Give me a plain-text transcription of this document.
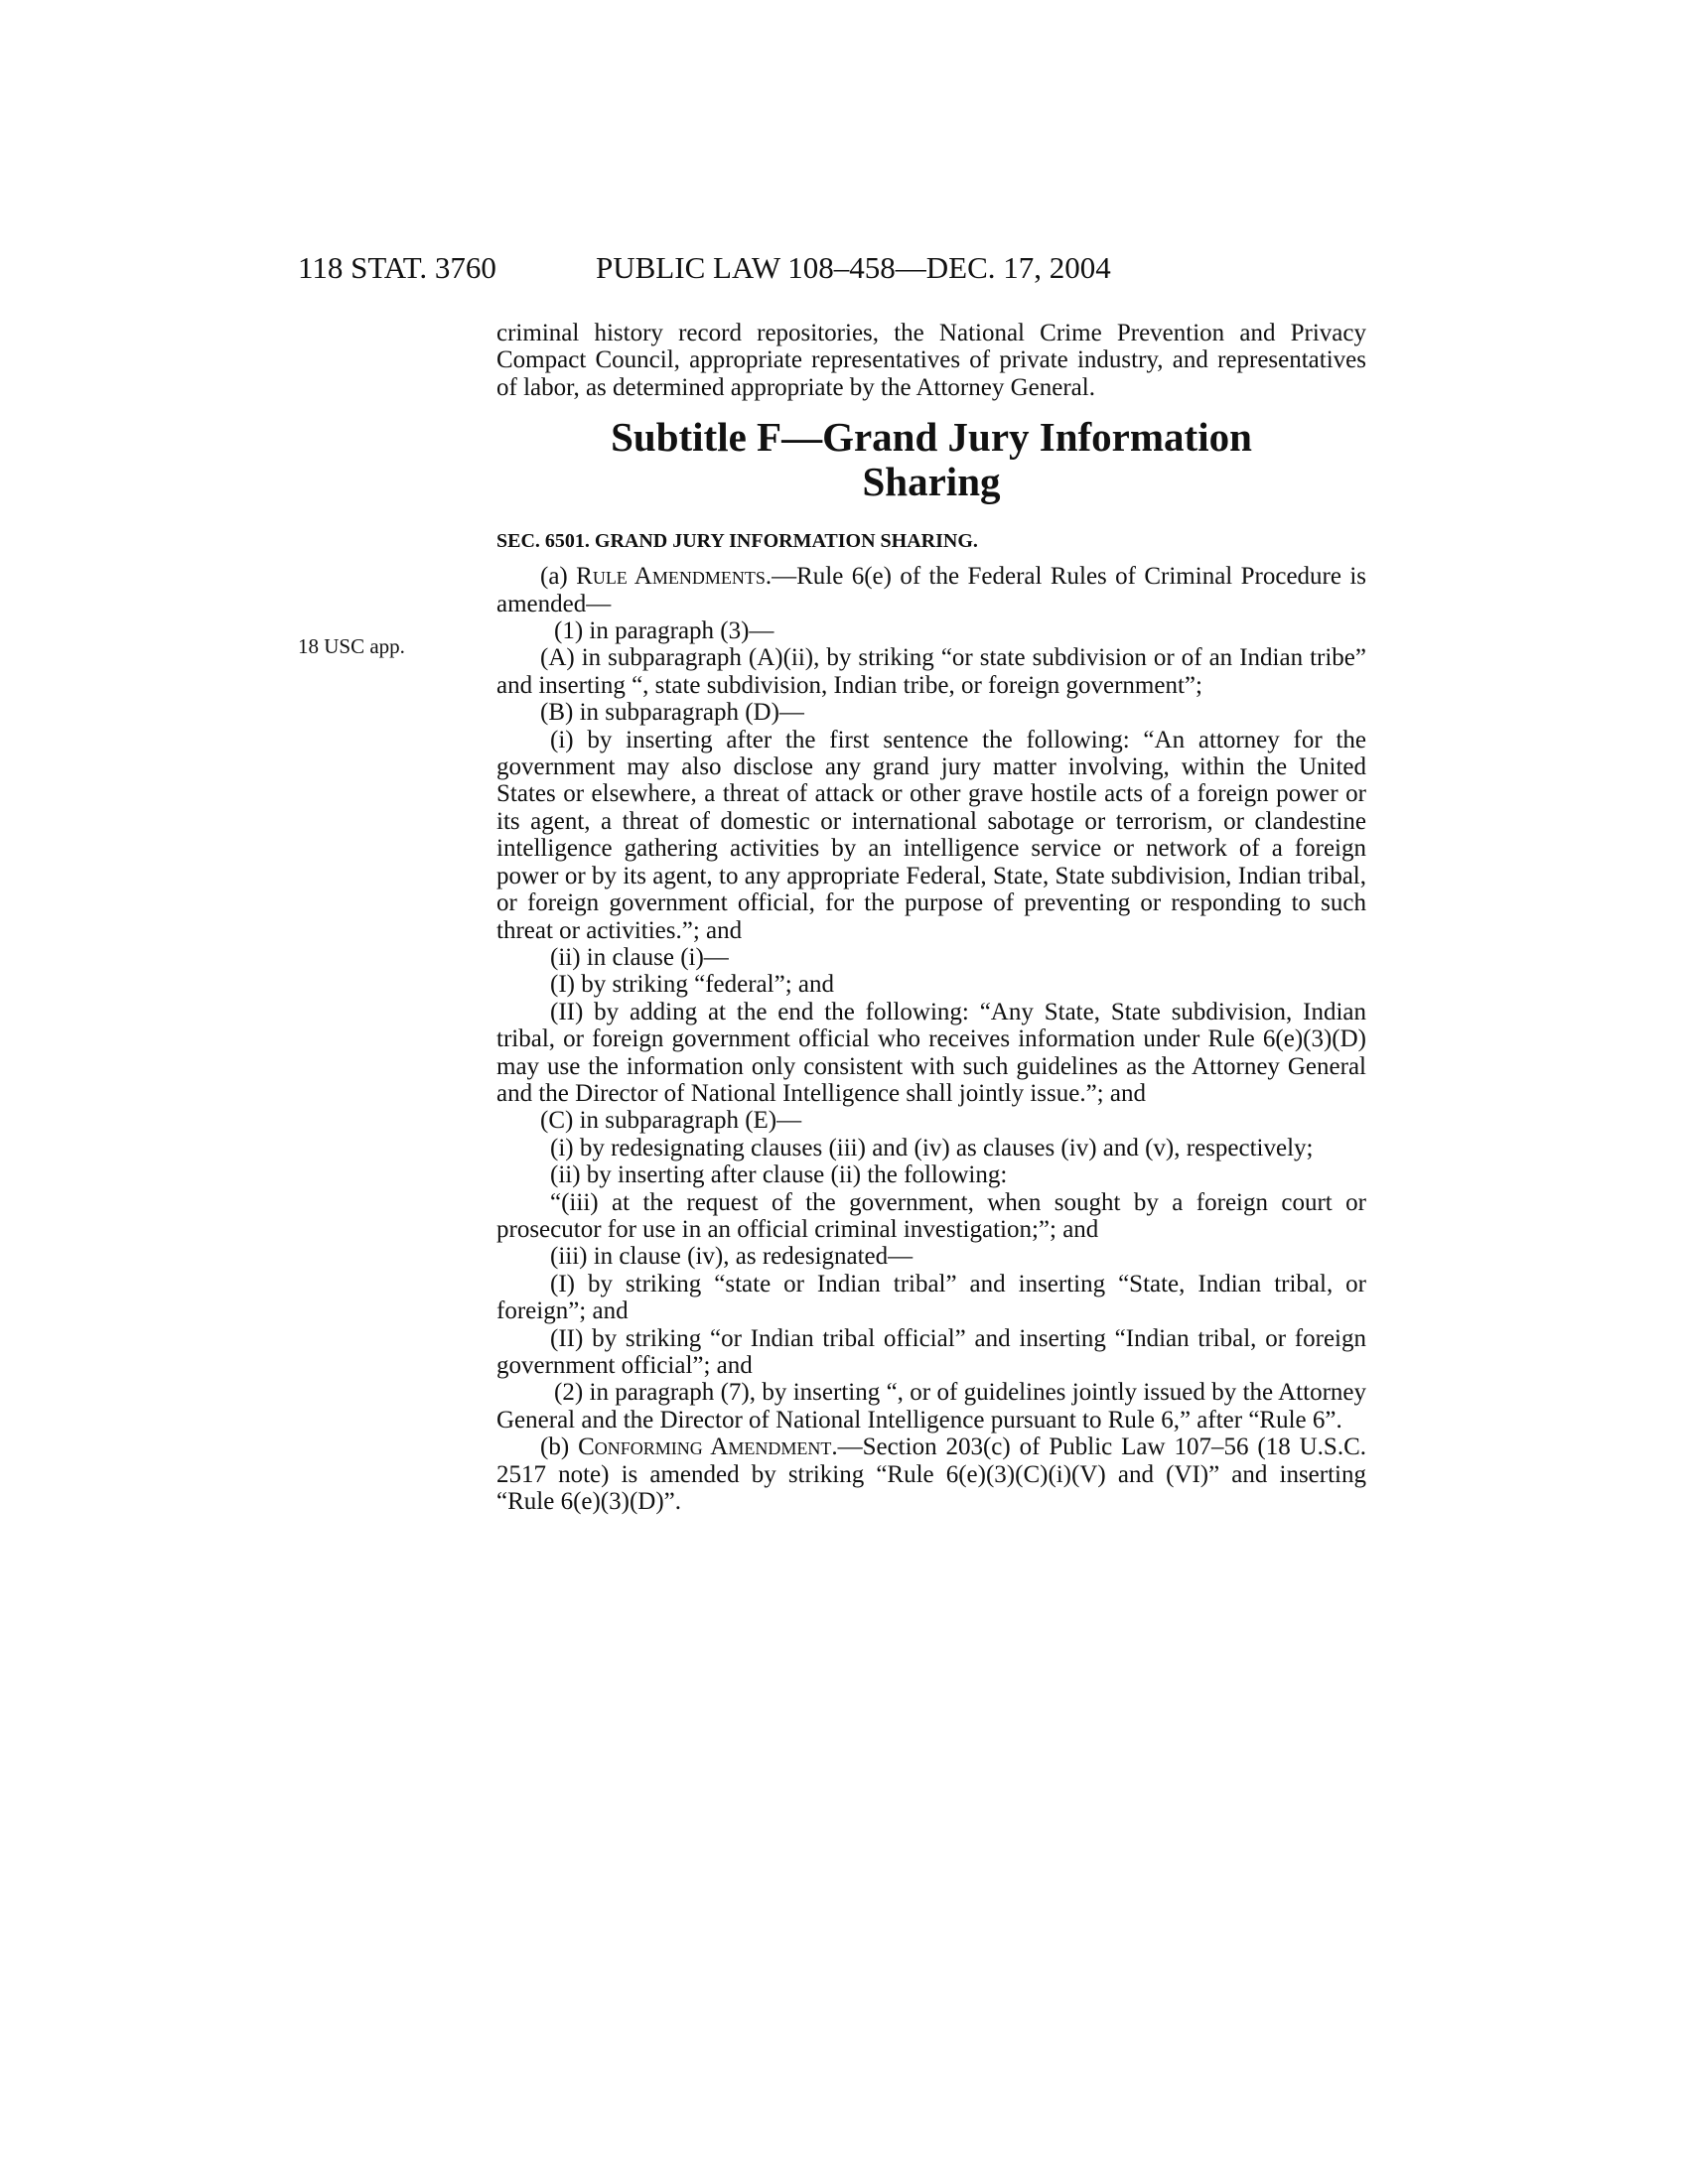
118 STAT. 3760	PUBLIC LAW 108–458—DEC. 17, 2004
18 USC app.

criminal history record repositories, the National Crime Prevention and Privacy Compact Council, appropriate representatives of private industry, and representatives of labor, as determined appropriate by the Attorney General.

Subtitle F—Grand Jury Information
Sharing
SEC. 6501. GRAND JURY INFORMATION SHARING.

(a) Rule Amendments.—Rule 6(e) of the Federal Rules of Criminal Procedure is amended—

(1) in paragraph (3)—

(A) in subparagraph (A)(ii), by striking “or state subdivision or of an Indian tribe” and inserting “, state subdivision, Indian tribe, or foreign government”;

(B) in subparagraph (D)—

(i) by inserting after the first sentence the following: “An attorney for the government may also disclose any grand jury matter involving, within the United States or elsewhere, a threat of attack or other grave hostile acts of a foreign power or its agent, a threat of domestic or international sabotage or terrorism, or clandestine intelligence gathering activities by an intelligence service or network of a foreign power or by its agent, to any appropriate Federal, State, State subdivision, Indian tribal, or foreign government official, for the purpose of preventing or responding to such threat or activities.”; and

(ii) in clause (i)—

(I) by striking “federal”; and

(II) by adding at the end the following: “Any State, State subdivision, Indian tribal, or foreign government official who receives information under Rule 6(e)(3)(D) may use the information only consistent with such guidelines as the Attorney General and the Director of National Intelligence shall jointly issue.”; and

(C) in subparagraph (E)—

(i) by redesignating clauses (iii) and (iv) as clauses (iv) and (v), respectively;

(ii) by inserting after clause (ii) the following:

“(iii) at the request of the government, when sought by a foreign court or prosecutor for use in an official criminal investigation;”; and

(iii) in clause (iv), as redesignated—

(I) by striking “state or Indian tribal” and inserting “State, Indian tribal, or foreign”; and

(II) by striking “or Indian tribal official” and inserting “Indian tribal, or foreign government official”; and

(2) in paragraph (7), by inserting “, or of guidelines jointly issued by the Attorney General and the Director of National Intelligence pursuant to Rule 6,” after “Rule 6”.

(b) Conforming Amendment.—Section 203(c) of Public Law 107–56 (18 U.S.C. 2517 note) is amended by striking “Rule 6(e)(3)(C)(i)(V) and (VI)” and inserting “Rule 6(e)(3)(D)”.
